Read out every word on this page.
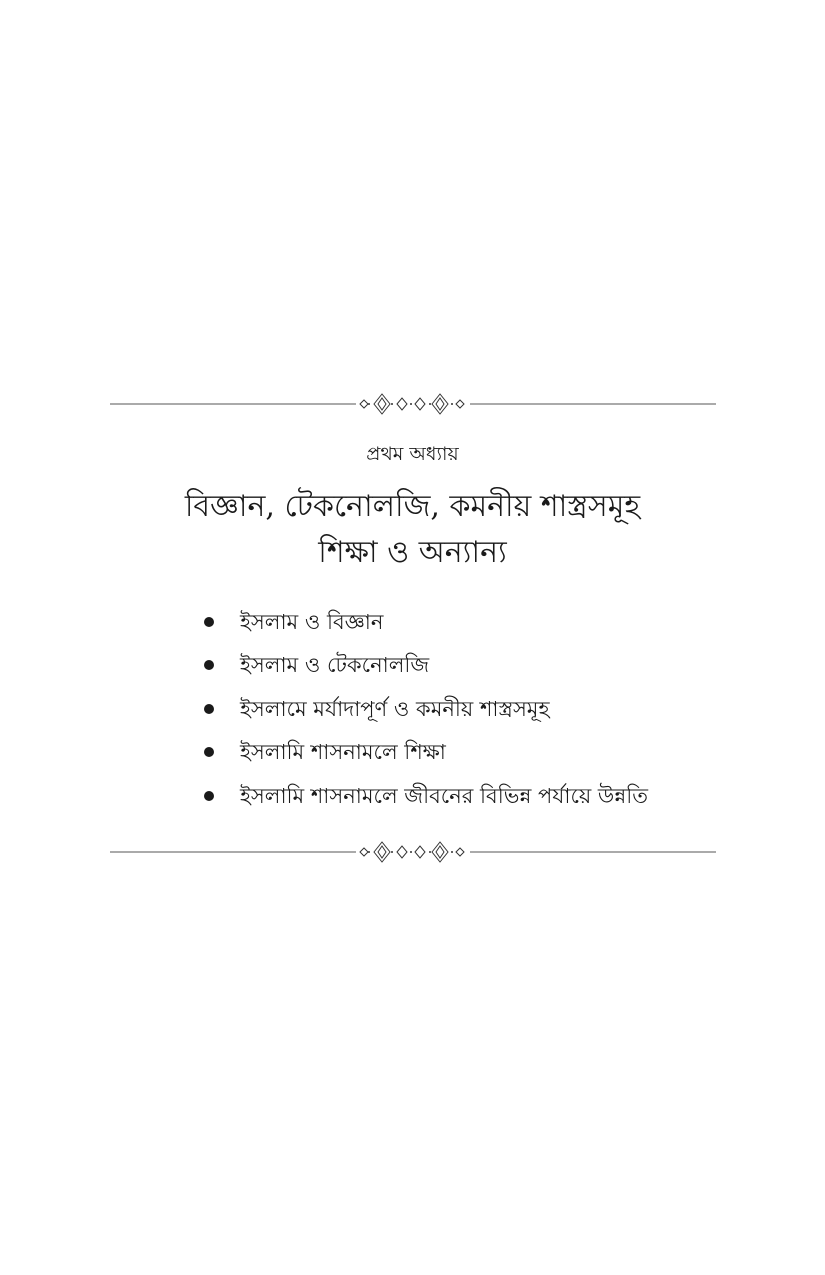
প্রথম অধ্যায়
বিজ্ঞান, টেকনোলজি, কমনীয় শাস্ত্রসমূহ
শিক্ষা ও অন্যান্য
ইসলাম ও বিজ্ঞান
ইসলাম ও টেকনোলজি
ইসলামে মর্যাদাপূর্ণ ও কমনীয় শাস্ত্রসমূহ
ইসলামি শাসনামলে শিক্ষা
ইসলামি শাসনামলে জীবনের বিভিন্ন পর্যায়ে উন্নতি
